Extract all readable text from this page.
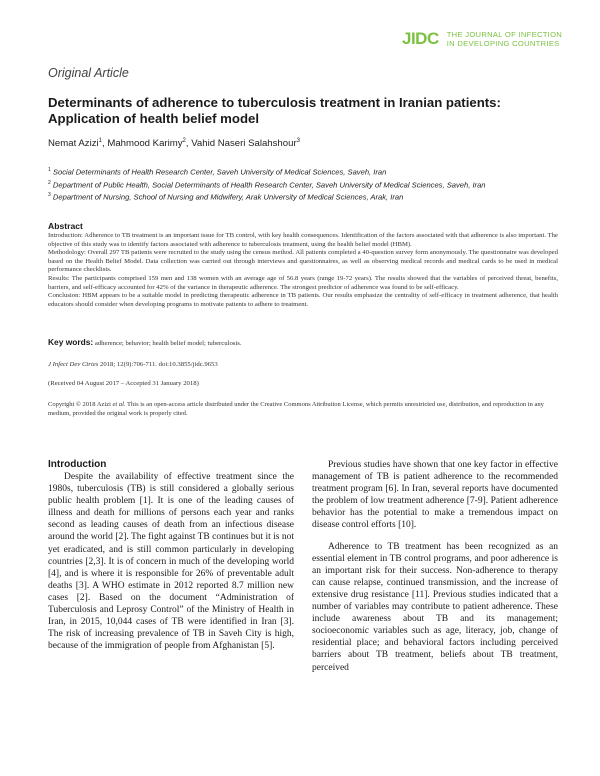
JIDC THE JOURNAL OF INFECTION
IN DEVELOPING COUNTRIES
Original Article
Determinants of adherence to tuberculosis treatment in Iranian patients: Application of health belief model
Nemat Azizi$^1$, Mahmood Karimy$^2$, Vahid Naseri Salahshour$^3$

$^1$ Social Determinants of Health Research Center, Saveh University of Medical Sciences, Saveh, Iran

$^2$ Department of Public Health, Social Determinants of Health Research Center, Saveh University of Medical Sciences, Saveh, Iran

$^3$ Department of Nursing, School of Nursing and Midwifery, Arak University of Medical Sciences, Arak, Iran

Abstract

Introduction: Adherence to TB treatment is an important issue for TB control, with key health consequences. Identification of the factors associated with that adherence is also important. The objective of this study was to identify factors associated with adherence to tuberculosis treatment, using the health belief model (HBM).

Methodology: Overall 297 TB patients were recruited to the study using the census method. All patients completed a 40-question survey form anonymously. The questionnaire was developed based on the Health Belief Model. Data collection was carried out through interviews and questionnaires, as well as observing medical records and medical cards to be used in medical performance checklists.

Results: The participants comprised 159 men and 138 women with an average age of 56.8 years (range 19-72 years). The results showed that the variables of perceived threat, benefits, barriers, and self-efficacy accounted for 42% of the variance in therapeutic adherence. The strongest predictor of adherence was found to be self-efficacy.

Conclusion: HBM appears to be a suitable model in predicting therapeutic adherence in TB patients. Our results emphasize the centrality of self-efficacy in treatment adherence, that health educators should consider when developing programs to motivate patients to adhere to treatment.

Key words: adherence; behavior; health belief model; tuberculosis.
J Infect Dev Ctries 2018; 12(9):706-711. doi:10.3855/jidc.9653
(Received 04 August 2017 – Accepted 31 January 2018)
Copyright © 2018 Azizi et al. This is an open-access article distributed under the Creative Commons Attribution License, which permits unrestricted use, distribution, and reproduction in any medium, provided the original work is properly cited.
Introduction

Despite the availability of effective treatment since the 1980s, tuberculosis (TB) is still considered a globally serious public health problem [1]. It is one of the leading causes of illness and death for millions of persons each year and ranks second as leading causes of death from an infectious disease around the world [2]. The fight against TB continues but it is not yet eradicated, and is still common particularly in developing countries [2,3]. It is of concern in much of the developing world [4], and is where it is responsible for 26% of preventable adult deaths [3]. A WHO estimate in 2012 reported 8.7 million new cases [2]. Based on the document “Administration of Tuberculosis and Leprosy Control” of the Ministry of Health in Iran, in 2015, 10,044 cases of TB were identified in Iran [3]. The risk of increasing prevalence of TB in Saveh City is high, because of the immigration of people from Afghanistan [5].

Previous studies have shown that one key factor in effective management of TB is patient adherence to the recommended treatment program [6]. In Iran, several reports have documented the problem of low treatment adherence [7-9]. Patient adherence behavior has the potential to make a tremendous impact on disease control efforts [10].

Adherence to TB treatment has been recognized as an essential element in TB control programs, and poor adherence is an important risk for their success. Non-adherence to therapy can cause relapse, continued transmission, and the increase of extensive drug resistance [11]. Previous studies indicated that a number of variables may contribute to patient adherence. These include awareness about TB and its management; socioeconomic variables such as age, literacy, job, change of residential place; and behavioral factors including perceived barriers about TB treatment, beliefs about TB treatment, perceived
